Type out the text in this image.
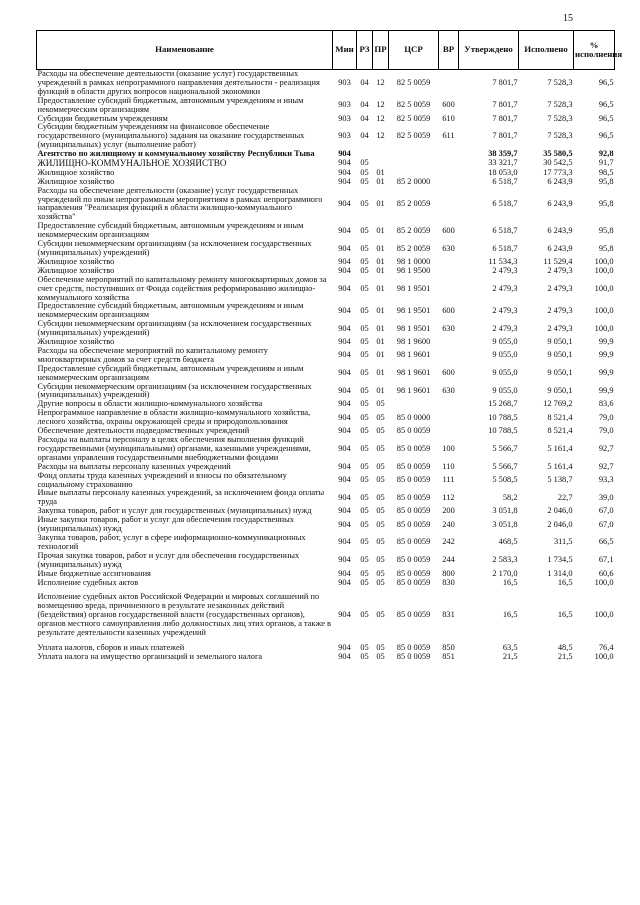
15
Наименование	Мин	РЗ	ПР	ЦСР	ВР	Утверждено	Исполнено	%
исполнения

Расходы на обеспечение деятельности (оказание услуг) государственных учреждений в рамках непрограммного направления деятельности - реализация функций в области других вопросов национальной экономики	903	04	12	82 5 0059		7 801,7	7 528,3	96,5
Предоставление субсидий бюджетным, автономным учреждениям и иным некоммерческим организациям	903	04	12	82 5 0059	600	7 801,7	7 528,3	96,5
Субсидии бюджетным учреждениям	903	04	12	82 5 0059	610	7 801,7	7 528,3	96,5
Субсидии бюджетным учреждениям на финансовое обеспечение государственного (муниципального) задания на оказание государственных (муниципальных) услуг (выполнение работ)	903	04	12	82 5 0059	611	7 801,7	7 528,3	96,5
Агентство по жилищному и коммунальному хозяйству Республики Тыва	904					38 359,7	35 580,5	92,8
ЖИЛИЩНО-КОММУНАЛЬНОЕ ХОЗЯЙСТВО	904	05				33 321,7	30 542,5	91,7
Жилищное хозяйство	904	05	01			18 053,0	17 773,3	98,5
Жилищное хозяйство	904	05	01	85 2 0000		6 518,7	6 243,9	95,8
Расходы на обеспечение деятельности (оказание) услуг государственных учреждений по иным непрограммным мероприятиям в рамках непрограммного направления "Реализация функций в области жилищно-коммунального хозяйства"	904	05	01	85 2 0059		6 518,7	6 243,9	95,8
Предоставление субсидий бюджетным, автономным учреждениям и иным некоммерческим организациям	904	05	01	85 2 0059	600	6 518,7	6 243,9	95,8
Субсидии некоммерческим организациям (за исключением государственных (муниципальных) учреждений)	904	05	01	85 2 0059	630	6 518,7	6 243,9	95,8
Жилищное хозяйство	904	05	01	98 1 0000		11 534,3	11 529,4	100,0
Жилищное хозяйство	904	05	01	98 1 9500		2 479,3	2 479,3	100,0
Обеспечение мероприятий по капитальному ремонту многоквартирных домов за счет средств, поступивших от Фонда содействия реформированию жилищно-коммунального хозяйства	904	05	01	98 1 9501		2 479,3	2 479,3	100,0
Предоставление субсидий бюджетным, автономным учреждениям и иным некоммерческим организациям	904	05	01	98 1 9501	600	2 479,3	2 479,3	100,0
Субсидии некоммерческим организациям (за исключением государственных (муниципальных) учреждений)	904	05	01	98 1 9501	630	2 479,3	2 479,3	100,0
Жилищное хозяйство	904	05	01	98 1 9600		9 055,0	9 050,1	99,9
Расходы на обеспечение мероприятий по капитальному ремонту многоквартирных домов за счет средств бюджета	904	05	01	98 1 9601		9 055,0	9 050,1	99,9
Предоставление субсидий бюджетным, автономным учреждениям и иным некоммерческим организациям	904	05	01	98 1 9601	600	9 055,0	9 050,1	99,9
Субсидии некоммерческим организациям (за исключением государственных (муниципальных) учреждений)	904	05	01	98 1 9601	630	9 055,0	9 050,1	99,9
Другие вопросы в области жилищно-коммунального хозяйства	904	05	05			15 268,7	12 769,2	83,6
Непрограммное направление в области жилищно-коммунального хозяйства, лесного хозяйства, охраны окружающей среды и природопользования	904	05	05	85 0 0000		10 788,5	8 521,4	79,0
Обеспечение деятельности подведомственных учреждений	904	05	05	85 0 0059		10 788,5	8 521,4	79,0
Расходы на выплаты персоналу в целях обеспечения выполнения функций государственными (муниципальными) органами, казенными учреждениями, органами управления государственными внебюджетными фондами	904	05	05	85 0 0059	100	5 566,7	5 161,4	92,7
Расходы на выплаты персоналу казенных учреждений	904	05	05	85 0 0059	110	5 566,7	5 161,4	92,7
Фонд оплаты труда казенных учреждений и взносы по обязательному социальному страхованию	904	05	05	85 0 0059	111	5 508,5	5 138,7	93,3
Иные выплаты персоналу казенных учреждений, за исключением фонда оплаты труда	904	05	05	85 0 0059	112	58,2	22,7	39,0
Закупка товаров, работ и услуг для государственных (муниципальных) нужд	904	05	05	85 0 0059	200	3 051,8	2 046,0	67,0
Иные закупки товаров, работ и услуг для обеспечения государственных (муниципальных) нужд	904	05	05	85 0 0059	240	3 051,8	2 046,0	67,0
Закупка товаров, работ, услуг в сфере информационно-коммуникационных технологий	904	05	05	85 0 0059	242	468,5	311,5	66,5
Прочая закупка товаров, работ и услуг для обеспечения государственных (муниципальных) нужд	904	05	05	85 0 0059	244	2 583,3	1 734,5	67,1
Иные бюджетные ассигнования	904	05	05	85 0 0059	800	2 170,0	1 314,0	60,6
Исполнение судебных актов	904	05	05	85 0 0059	830	16,5	16,5	100,0

Исполнение судебных актов Российской Федерации и мировых соглашений по возмещению вреда, причиненного в результате незаконных действий (бездействия) органов государственной власти (государственных органов), органов местного самоуправления либо должностных лиц этих органов, а также в результате деятельности казенных учреждений	904	05	05	85 0 0059	831	16,5	16,5	100,0

Уплата налогов, сборов и иных платежей	904	05	05	85 0 0059	850	63,5	48,5	76,4
Уплата налога на имущество организаций и земельного налога	904	05	05	85 0 0059	851	21,5	21,5	100,0
